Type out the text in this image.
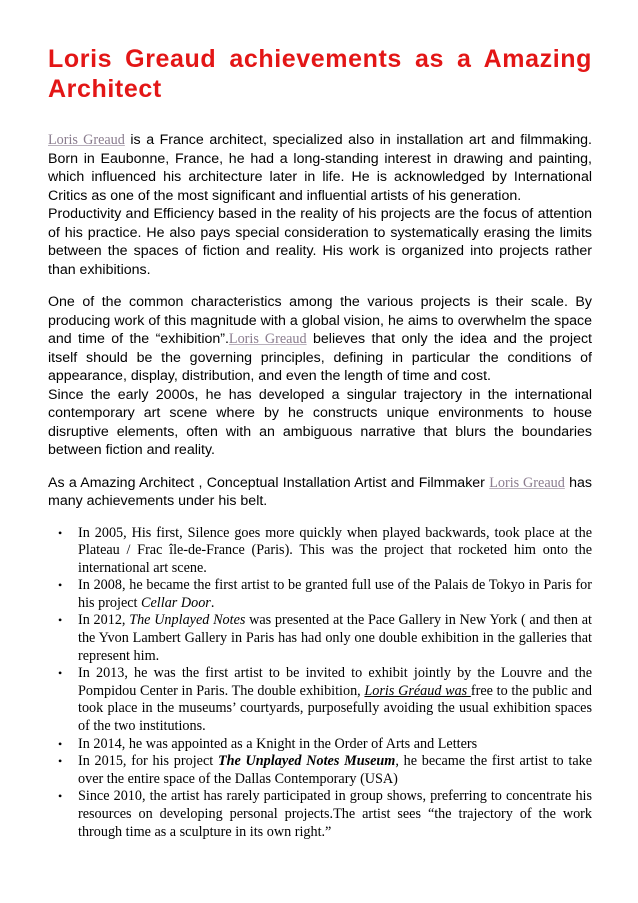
Loris Greaud achievements as a Amazing Architect

Loris Greaud is a France architect, specialized also in installation art and filmmaking. Born in Eaubonne, France, he had a long-standing interest in drawing and painting, which influenced his architecture later in life. He is acknowledged by International Critics as one of the most significant and influential artists of his generation.

Productivity and Efficiency based in the reality of his projects are the focus of attention of his practice. He also pays special consideration to systematically erasing the limits between the spaces of fiction and reality. His work is organized into projects rather than exhibitions.

One of the common characteristics among the various projects is their scale. By producing work of this magnitude with a global vision, he aims to overwhelm the space and time of the “exhibition”.Loris Greaud believes that only the idea and the project itself should be the governing principles, defining in particular the conditions of appearance, display, distribution, and even the length of time and cost.

Since the early 2000s, he has developed a singular trajectory in the international contemporary art scene where by he constructs unique environments to house disruptive elements, often with an ambiguous narrative that blurs the boundaries between fiction and reality.

As a Amazing Architect , Conceptual Installation Artist and Filmmaker Loris Greaud has many achievements under his belt.

• In 2005, His first, Silence goes more quickly when played backwards, took place at the Plateau / Frac île-de-France (Paris). This was the project that rocketed him onto the international art scene.
• In 2008, he became the first artist to be granted full use of the Palais de Tokyo in Paris for his project Cellar Door.
• In 2012, The Unplayed Notes was presented at the Pace Gallery in New York ( and then at the Yvon Lambert Gallery in Paris has had only one double exhibition in the galleries that represent him.
• In 2013, he was the first artist to be invited to exhibit jointly by the Louvre and the Pompidou Center in Paris. The double exhibition, Loris Gréaud was free to the public and took place in the museums’ courtyards, purposefully avoiding the usual exhibition spaces of the two institutions.
• In 2014, he was appointed as a Knight in the Order of Arts and Letters
• In 2015, for his project The Unplayed Notes Museum, he became the first artist to take over the entire space of the Dallas Contemporary (USA)
• Since 2010, the artist has rarely participated in group shows, preferring to concentrate his resources on developing personal projects.The artist sees “the trajectory of the work through time as a sculpture in its own right.”
